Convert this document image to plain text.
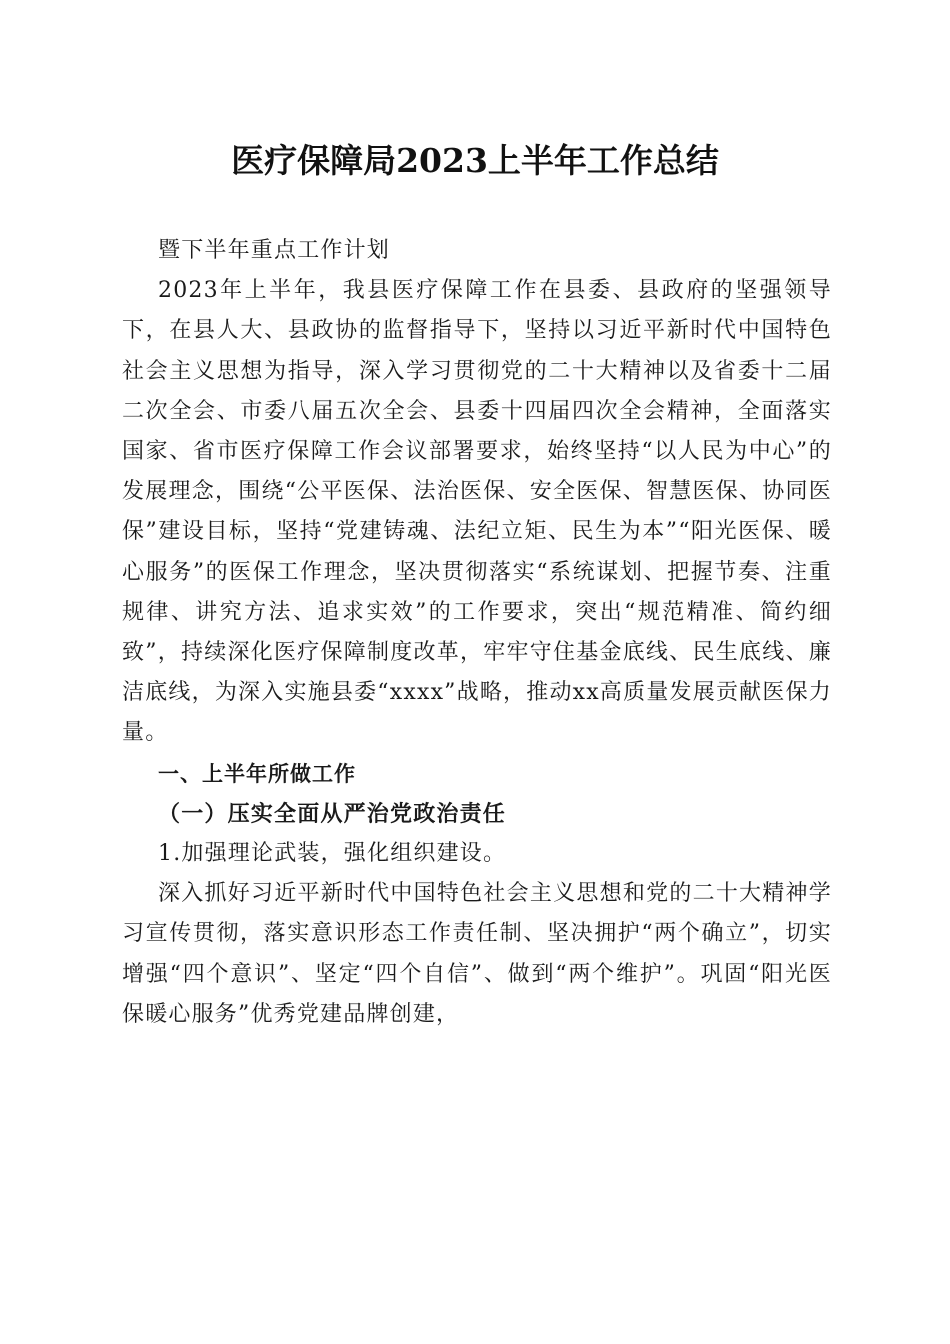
医疗保障局2023上半年工作总结

暨下半年重点工作计划

2023年上半年，我县医疗保障工作在县委、县政府的坚强领导下，在县人大、县政协的监督指导下，坚持以习近平新时代中国特色社会主义思想为指导，深入学习贯彻党的二十大精神以及省委十二届二次全会、市委八届五次全会、县委十四届四次全会精神，全面落实国家、省市医疗保障工作会议部署要求，始终坚持“以人民为中心”的发展理念，围绕“公平医保、法治医保、安全医保、智慧医保、协同医保”建设目标，坚持“党建铸魂、法纪立矩、民生为本”“阳光医保、暖心服务”的医保工作理念，坚决贯彻落实“系统谋划、把握节奏、注重规律、讲究方法、追求实效”的工作要求，突出“规范精准、简约细致”，持续深化医疗保障制度改革，牢牢守住基金底线、民生底线、廉洁底线，为深入实施县委“xxxx”战略，推动xx高质量发展贡献医保力量。

一、上半年所做工作

（一）压实全面从严治党政治责任

1.加强理论武装，强化组织建设。

深入抓好习近平新时代中国特色社会主义思想和党的二十大精神学习宣传贯彻，落实意识形态工作责任制、坚决拥护“两个确立”，切实增强“四个意识”、坚定“四个自信”、做到“两个维护”。巩固“阳光医保暖心服务”优秀党建品牌创建，
